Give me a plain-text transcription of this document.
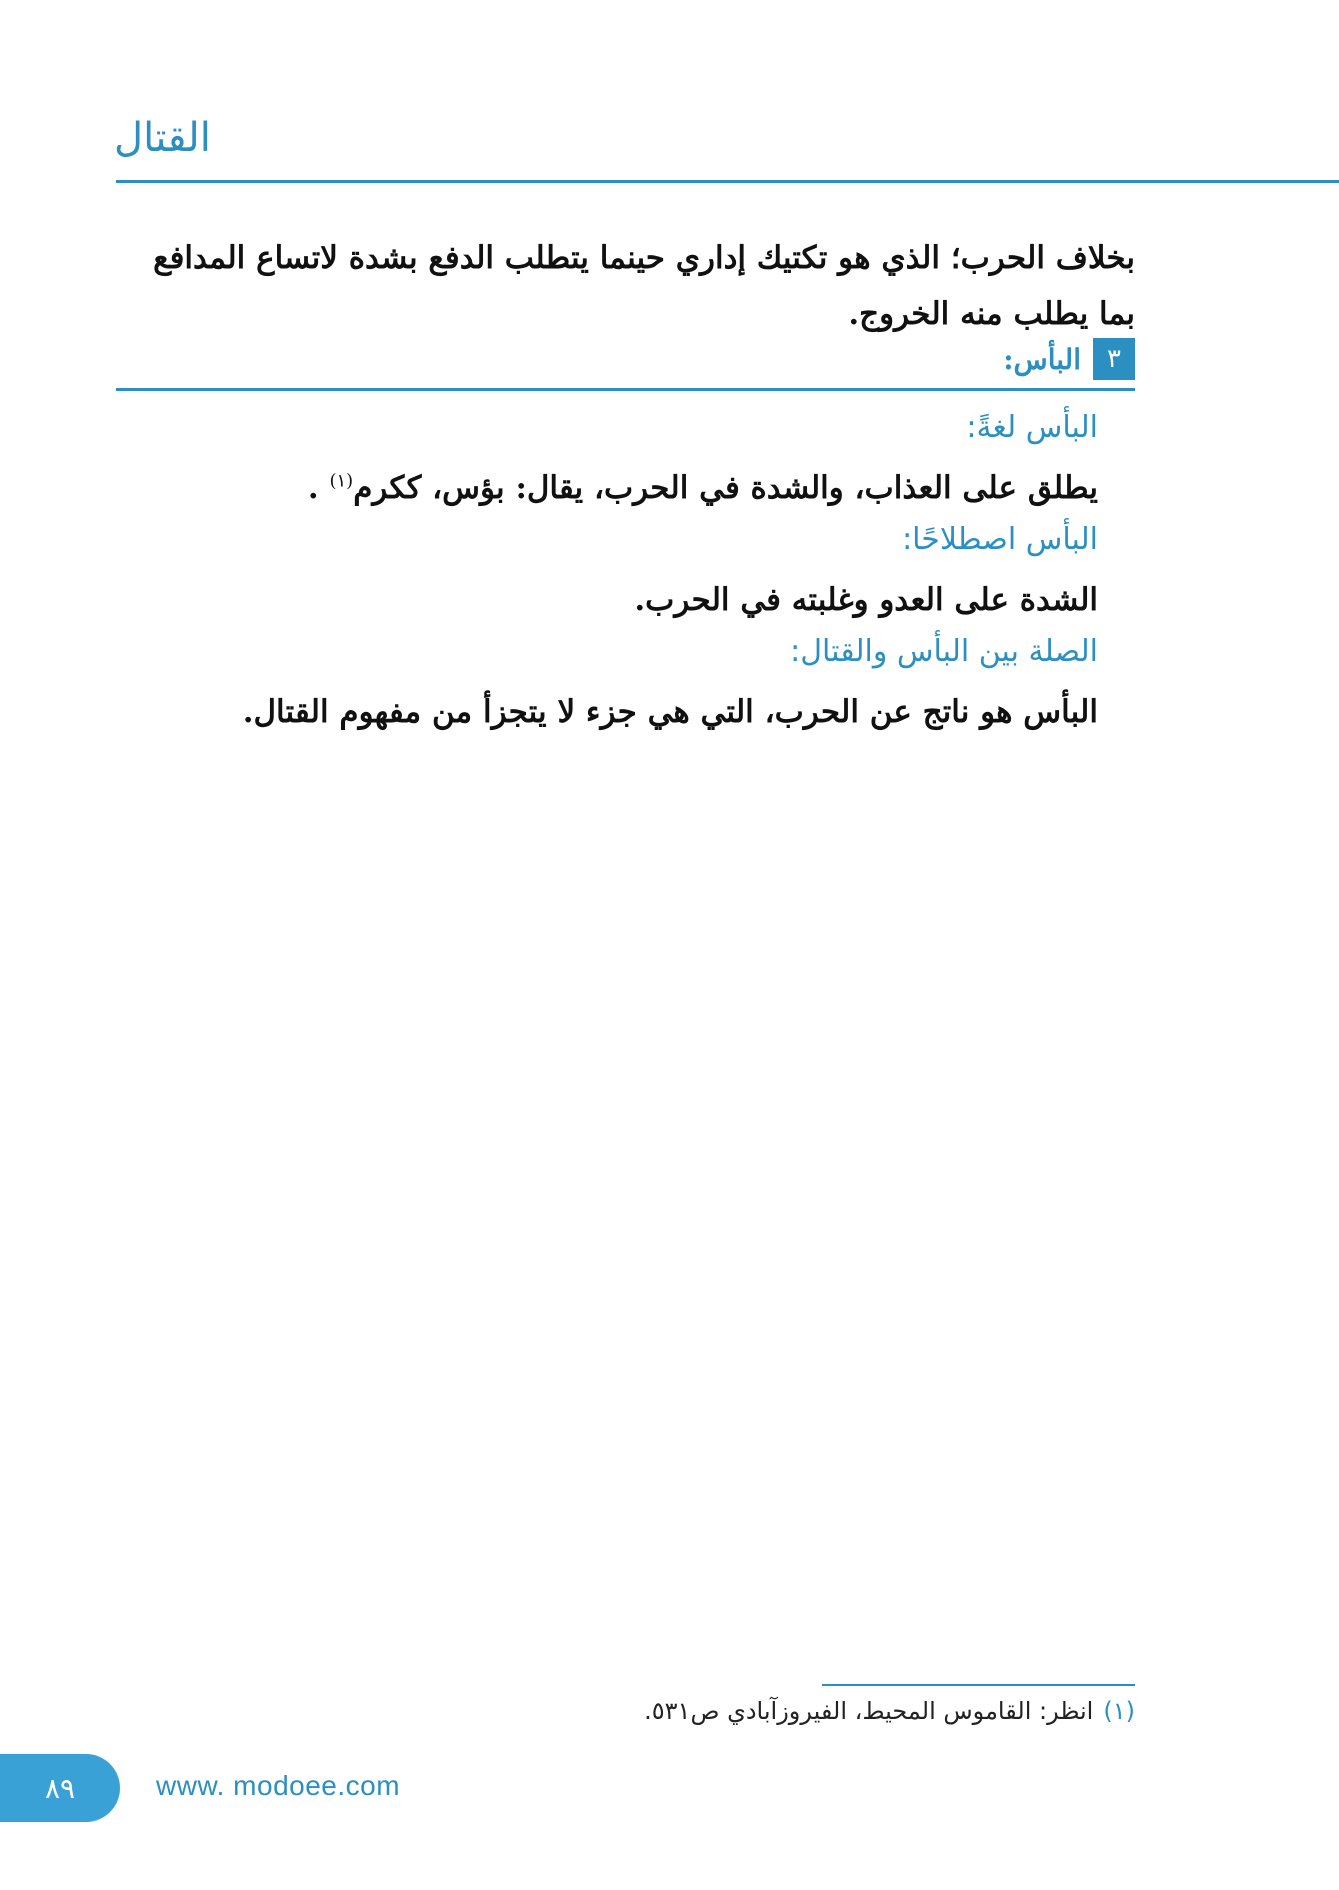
القتال
بخلاف الحرب؛ الذي هو تكتيك إداري حينما يتطلب الدفع بشدة لاتساع المدافع بما يطلب منه الخروج.
٣
البأس:
البأس لغةً:
يطلق على العذاب، والشدة في الحرب، يقال: بؤس، ككرم$^{(١)}$ .
البأس اصطلاحًا:
الشدة على العدو وغلبته في الحرب.
الصلة بين البأس والقتال:
البأس هو ناتج عن الحرب، التي هي جزء لا يتجزأ من مفهوم القتال.
(١)
انظر: القاموس المحيط، الفيروزآبادي ص٥٣١.
٨٩	www. modoee.com
